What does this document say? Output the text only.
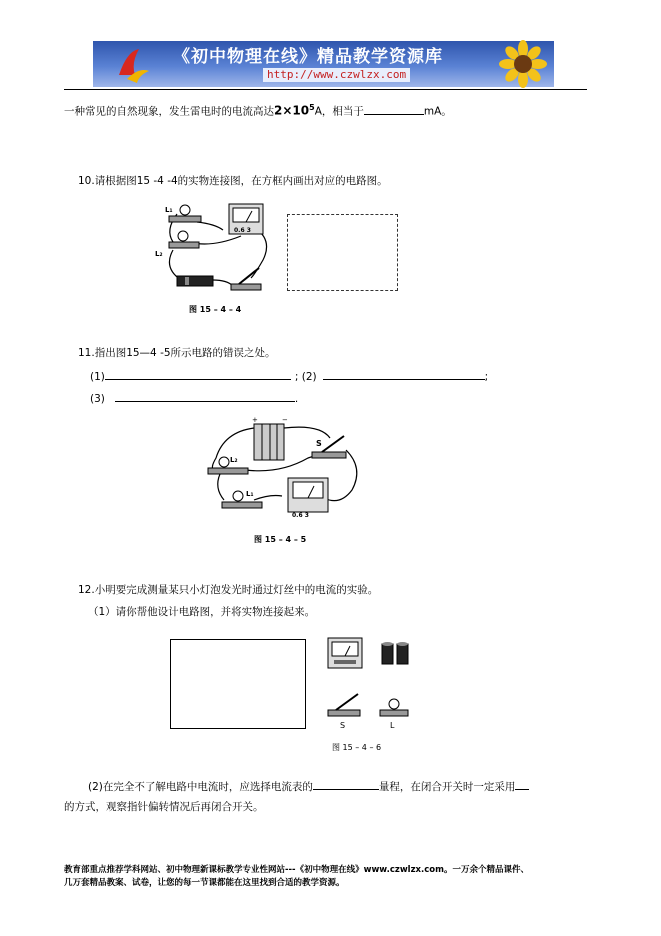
《初中物理在线》精品教学资源库
http://www.czwlzx.com
一种常见的自然现象，发生雷电时的电流高达$2\times 10^5A$，相当于	mA。
10.请根据图15 -4 -4的实物连接图，在方框内画出对应的电路图。
L₁
L₂
0.6 3
图 15 – 4 – 4
11.指出图15—4 -5所示电路的错误之处。
(1)	; (2)	;
(3)	.
+	−
S
L₂
L₁
0.6 3
图 15 – 4 – 5
12.小明要完成测量某只小灯泡发光时通过灯丝中的电流的实验。
（1）请你帮他设计电路图，并将实物连接起来。
S	L
图 15 – 4 – 6
(2)在完全不了解电路中电流时，应选择电流表的	量程，在闭合开关时一定采用
的方式，观察指针偏转情况后再闭合开关。
教育部重点推荐学科网站、初中物理新课标教学专业性网站---《初中物理在线》www.czwlzx.com。一万余个精品课件、
几万套精品教案、试卷，让您的每一节课都能在这里找到合适的教学资源。
